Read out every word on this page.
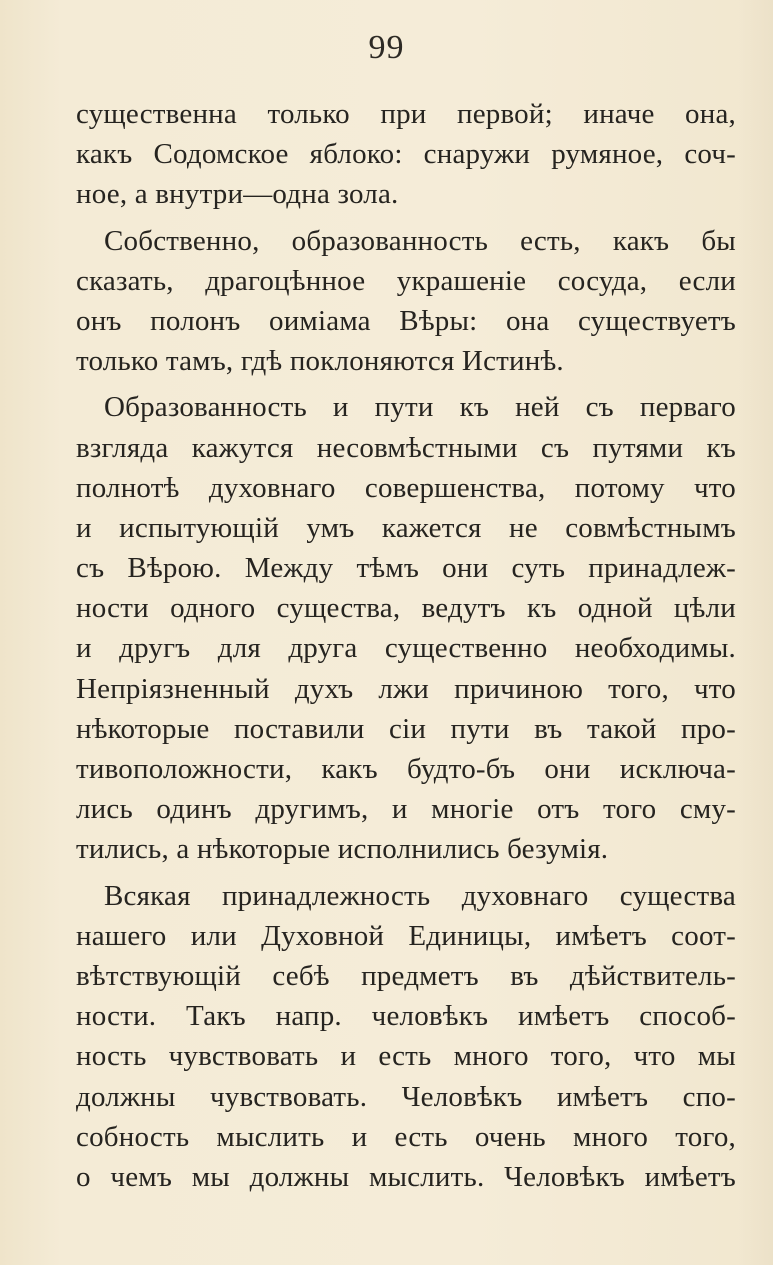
99
существенна только при первой; иначе она,
какъ Содомское яблоко: снаружи румяное, соч-
ное, а внутри—одна зола.
Собственно, образованность есть, какъ бы
сказать, драгоцѣнное украшеніе сосуда, если
онъ полонъ оиміама Вѣры: она существуетъ
только тамъ, гдѣ поклоняются Истинѣ.
Образованность и пути къ ней съ перваго
взгляда кажутся несовмѣстными съ путями къ
полнотѣ духовнаго совершенства, потому что
и испытующій умъ кажется не совмѣстнымъ
съ Вѣрою. Между тѣмъ они суть принадлеж-
ности одного существа, ведутъ къ одной цѣли
и другъ для друга существенно необходимы.
Непріязненный духъ лжи причиною того, что
нѣкоторые поставили сіи пути въ такой про-
тивоположности, какъ будто-бъ они исключа-
лись одинъ другимъ, и многіе отъ того сму-
тились, а нѣкоторые исполнились безумія.
Всякая принадлежность духовнаго существа
нашего или Духовной Единицы, имѣетъ соот-
вѣтствующій себѣ предметъ въ дѣйствитель-
ности. Такъ напр. человѣкъ имѣетъ способ-
ность чувствовать и есть много того, что мы
должны чувствовать. Человѣкъ имѣетъ спо-
собность мыслить и есть очень много того,
о чемъ мы должны мыслить. Человѣкъ имѣетъ
